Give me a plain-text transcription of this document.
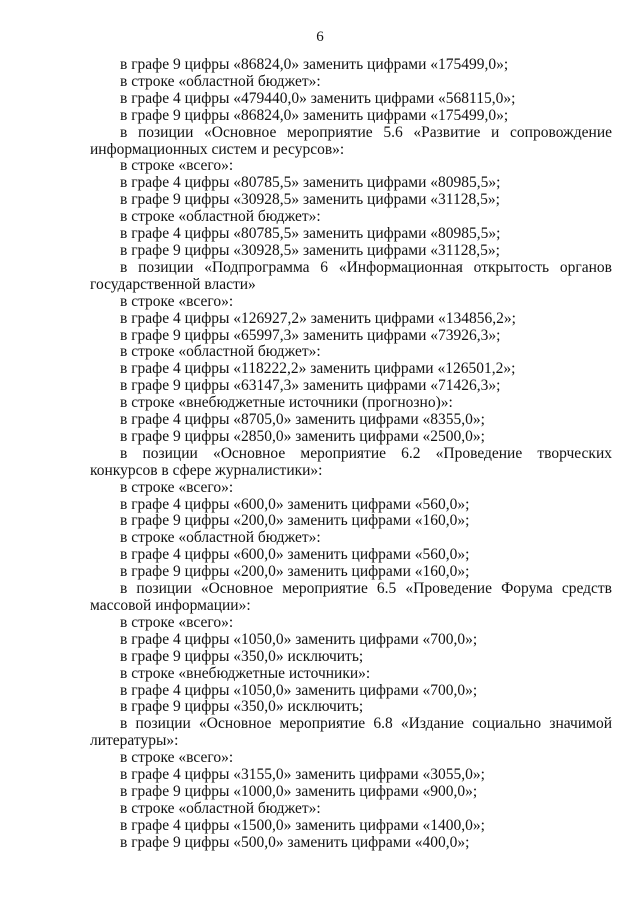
6

в графе 9 цифры «86824,0» заменить цифрами «175499,0»;

в строке «областной бюджет»:

в графе 4 цифры «479440,0» заменить цифрами «568115,0»;

в графе 9 цифры «86824,0» заменить цифрами «175499,0»;

в позиции «Основное мероприятие 5.6 «Развитие и сопровождение

информационных систем и ресурсов»:

в строке «всего»:

в графе 4 цифры «80785,5» заменить цифрами «80985,5»;

в графе 9 цифры «30928,5» заменить цифрами «31128,5»;

в строке «областной бюджет»:

в графе 4 цифры «80785,5» заменить цифрами «80985,5»;

в графе 9 цифры «30928,5» заменить цифрами «31128,5»;

в позиции «Подпрограмма 6 «Информационная открытость органов

государственной власти»

в строке «всего»:

в графе 4 цифры «126927,2» заменить цифрами «134856,2»;

в графе 9 цифры «65997,3» заменить цифрами «73926,3»;

в строке «областной бюджет»:

в графе 4 цифры «118222,2» заменить цифрами «126501,2»;

в графе 9 цифры «63147,3» заменить цифрами «71426,3»;

в строке «внебюджетные источники (прогнозно)»:

в графе 4 цифры «8705,0» заменить цифрами «8355,0»;

в графе 9 цифры «2850,0» заменить цифрами «2500,0»;

в позиции «Основное мероприятие 6.2 «Проведение творческих

конкурсов в сфере журналистики»:

в строке «всего»:

в графе 4 цифры «600,0» заменить цифрами «560,0»;

в графе 9 цифры «200,0» заменить цифрами «160,0»;

в строке «областной бюджет»:

в графе 4 цифры «600,0» заменить цифрами «560,0»;

в графе 9 цифры «200,0» заменить цифрами «160,0»;

в позиции «Основное мероприятие 6.5 «Проведение Форума средств

массовой информации»:

в строке «всего»:

в графе 4 цифры «1050,0» заменить цифрами «700,0»;

в графе 9 цифры «350,0» исключить;

в строке «внебюджетные источники»:

в графе 4 цифры «1050,0» заменить цифрами «700,0»;

в графе 9 цифры «350,0» исключить;

в позиции «Основное мероприятие 6.8 «Издание социально значимой

литературы»:

в строке «всего»:

в графе 4 цифры «3155,0» заменить цифрами «3055,0»;

в графе 9 цифры «1000,0» заменить цифрами «900,0»;

в строке «областной бюджет»:

в графе 4 цифры «1500,0» заменить цифрами «1400,0»;

в графе 9 цифры «500,0» заменить цифрами «400,0»;
